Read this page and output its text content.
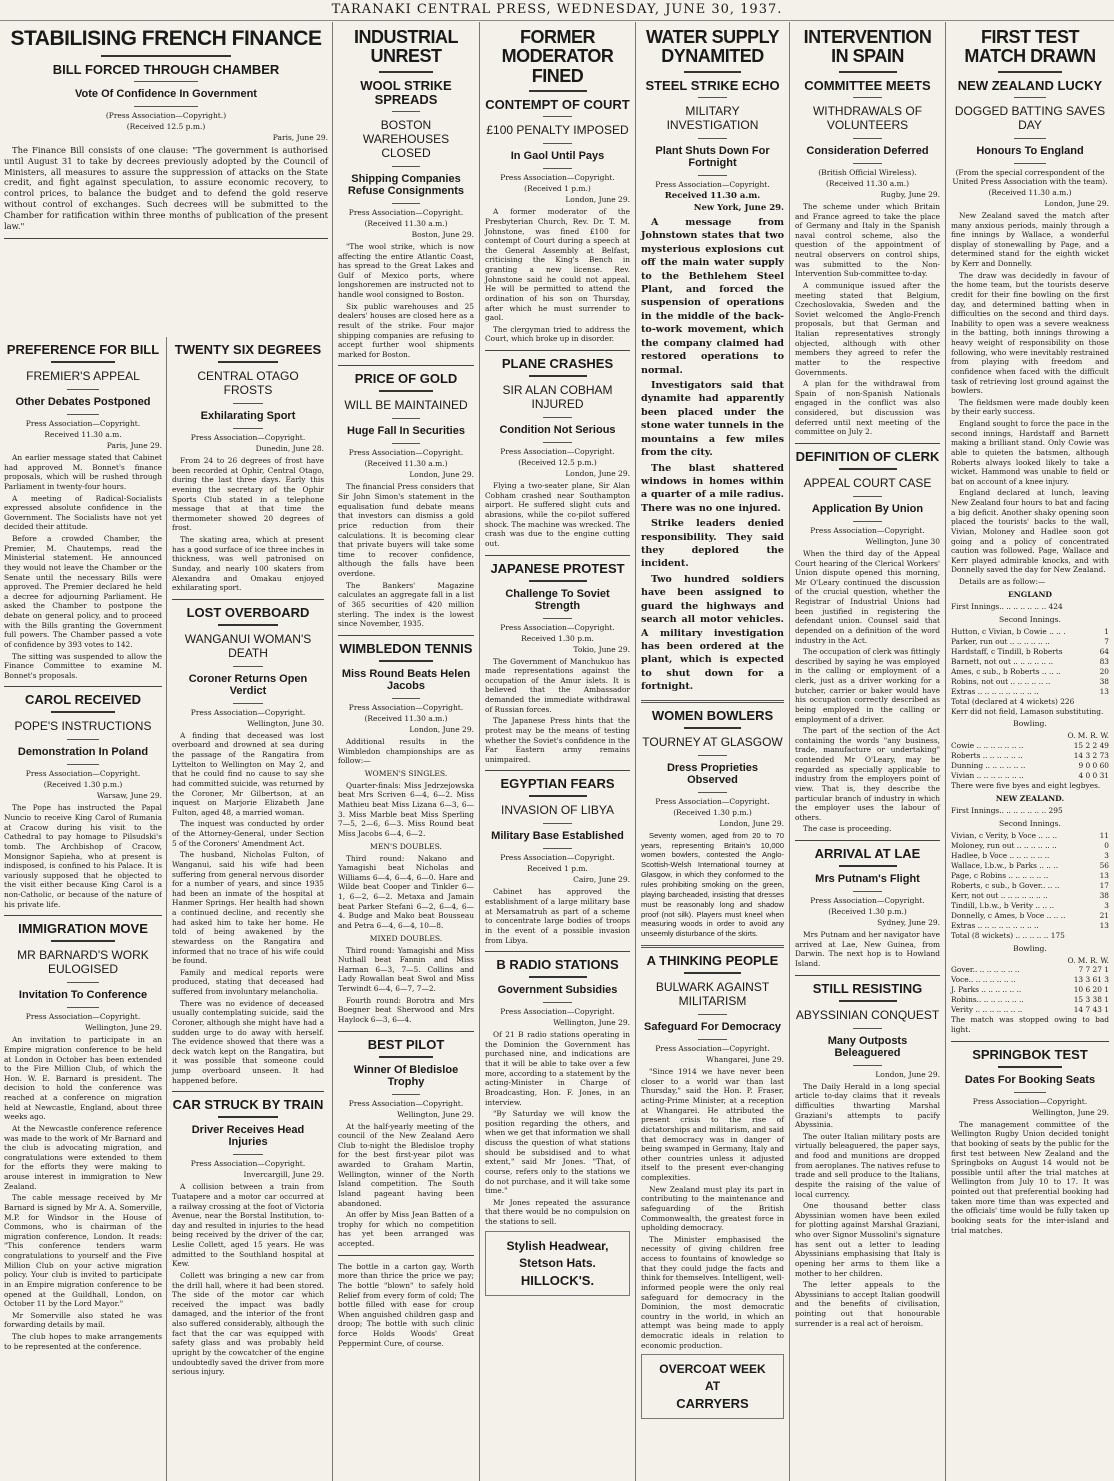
TARANAKI CENTRAL PRESS, WEDNESDAY, JUNE 30, 1937.
STABILISING FRENCH FINANCE
BILL FORCED THROUGH CHAMBER
Vote Of Confidence In Government
(Press Association—Copyright.)
(Received 12.5 p.m.)
Paris, June 29.
The Finance Bill consists of one clause: "The government is authorised until August 31 to take by decrees previously adopted by the Council of Ministers, all measures to assure the suppression of attacks on the State credit, and fight against speculation, to assure economic recovery, to control prices, to balance the budget and to defend the gold reserve without control of exchanges. Such decrees will be submitted to the Chamber for ratification within three months of publication of the present law."
PREFERENCE FOR BILL
FREMIER'S APPEAL
Other Debates Postponed
Press Association—Copyright.
Received 11.30 a.m.
Paris, June 29.
An earlier message stated that Cabinet had approved M. Bonnet's finance proposals, which will be rushed through Parliament in twenty-four hours.
A meeting of Radical-Socialists expressed absolute confidence in the Government. The Socialists have not yet decided their attitude.
Before a crowded Chamber, the Premier, M. Chautemps, read the Ministerial statement. He announced they would not leave the Chamber or the Senate until the necessary Bills were approved. The Premier declared he held a decree for adjourning Parliament. He asked the Chamber to postpone the debate on general policy, and to proceed with the Bills granting the Government full powers. The Chamber passed a vote of confidence by 393 votes to 142.
The sitting was suspended to allow the Finance Committee to examine M. Bonnet's proposals.
CAROL RECEIVED
POPE'S INSTRUCTIONS
Demonstration In Poland
Press Association—Copyright.
(Received 1.30 p.m.)
Warsaw, June 29.
The Pope has instructed the Papal Nuncio to receive King Carol of Rumania at Cracow during his visit to the Cathedral to pay homage to Pilsudski's tomb. The Archbishop of Cracow, Monsignor Sapieha, who at present is indisposed, is confined to his Palace. It is variously supposed that he objected to the visit either because King Carol is a non-Catholic, or because of the nature of his private life.
IMMIGRATION MOVE
MR BARNARD'S WORK EULOGISED
Invitation To Conference
Press Association—Copyright.
Wellington, June 29.
An invitation to participate in an Empire migration conference to be held at London in October has been extended to the Fire Million Club, of which the Hon. W. E. Barnard is president. The decision to hold the conference was reached at a conference on migration held at Newcastle, England, about three weeks ago.
At the Newcastle conference reference was made to the work of Mr Barnard and the club is advocating migration, and congratulations were extended to them for the efforts they were making to arouse interest in immigration to New Zealand.
The cable message received by Mr Barnard is signed by Mr A. A. Somerville, M.P. for Windsor in the House of Commons, who is chairman of the migration conference, London. It reads: "This conference tenders warm congratulations to yourself and the Five Million Club on your active migration policy. Your club is invited to participate in an Empire migration conference to be opened at the Guildhall, London, on October 11 by the Lord Mayor."
Mr Somerville also stated he was forwarding details by mail.
The club hopes to make arrangements to be represented at the conference.
TWENTY SIX DEGREES
CENTRAL OTAGO FROSTS
Exhilarating Sport
Press Association—Copyright.
Dunedin, June 28.
From 24 to 26 degrees of frost have been recorded at Ophir, Central Otago, during the last three days. Early this evening the secretary of the Ophir Sports Club stated in a telephone message that at that time the thermometer showed 20 degrees of frost.
The skating area, which at present has a good surface of ice three inches in thickness, was well patronised on Sunday, and nearly 100 skaters from Alexandra and Omakau enjoyed exhilarating sport.
LOST OVERBOARD
WANGANUI WOMAN'S DEATH
Coroner Returns Open Verdict
Press Association—Copyright.
Wellington, June 30.
A finding that deceased was lost overboard and drowned at sea during the passage of the Rangatira from Lyttelton to Wellington on May 2, and that he could find no cause to say she had committed suicide, was returned by the Coroner, Mr Gilbertson, at an inquest on Marjorie Elizabeth Jane Fulton, aged 48, a married woman.
The inquest was conducted by order of the Attorney-General, under Section 5 of the Coroners' Amendment Act.
The husband, Nicholas Fulton, of Wanganui, said his wife had been suffering from general nervous disorder for a number of years, and since 1935 had been an inmate of the hospital at Hanmer Springs. Her health had shown a continued decline, and recently she had asked him to take her home. He told of being awakened by the stewardess on the Rangatira and informed that no trace of his wife could be found.
Family and medical reports were produced, stating that deceased had suffered from involuntary melancholia.
There was no evidence of deceased usually contemplating suicide, said the Coroner, although she might have had a sudden urge to do away with herself. The evidence showed that there was a deck watch kept on the Rangatira, but it was possible that someone could jump overboard unseen. It had happened before.
CAR STRUCK BY TRAIN
Driver Receives Head Injuries
Press Association—Copyright.
Invercargill, June 29.
A collision between a train from Tuatapere and a motor car occurred at a railway crossing at the foot of Victoria Avenue, near the Borstal Institution, to-day and resulted in injuries to the head being received by the driver of the car, Leslie Collett, aged 15 years. He was admitted to the Southland hospital at Kew.
Collett was bringing a new car from the drill hall, where it had been stored. The side of the motor car which received the impact was badly damaged, and the interior of the front also suffered considerably, although the fact that the car was equipped with safety glass and was probably held upright by the cowcatcher of the engine undoubtedly saved the driver from more serious injury.
INDUSTRIAL UNREST
WOOL STRIKE SPREADS
BOSTON WAREHOUSES CLOSED
Shipping Companies Refuse Consignments
Press Association—Copyright.
(Received 11.30 a.m.)
Boston, June 29.
"The wool strike, which is now affecting the entire Atlantic Coast, has spread to the Great Lakes and Gulf of Mexico ports, where longshoremen are instructed not to handle wool consigned to Boston.
Six public warehouses and 25 dealers' houses are closed here as a result of the strike. Four major shipping companies are refusing to accept further wool shipments marked for Boston.
PRICE OF GOLD
WILL BE MAINTAINED
Huge Fall In Securities
Press Association—Copyright.
(Received 11.30 a.m.)
London, June 29.
The financial Press considers that Sir John Simon's statement in the equalisation fund debate means that investors can dismiss a gold price reduction from their calculations. It is becoming clear that private buyers will take some time to recover confidence, although the falls have been overdone.
The Bankers' Magazine calculates an aggregate fall in a list of 365 securities of 420 million sterling. The index is the lowest since November, 1935.
WIMBLEDON TENNIS
Miss Round Beats Helen Jacobs
Press Association—Copyright.
(Received 11.30 a.m.)
London, June 29.
Additional results in the Wimbledon championships are as follow:—
WOMEN'S SINGLES.
Quarter-finals: Miss Jedrzejowska beat Mrs Scriven 6—4, 6—2. Miss Mathieu beat Miss Lizana 6—3, 6—3. Miss Marble beat Miss Sperling 7—5, 2—6, 6—3. Miss Round beat Miss Jacobs 6—4, 6—2.
MEN'S DOUBLES.
Third round: Nakano and Yamagishi beat Nicholas and Williams 6—4, 6—4, 6—0. Hare and Wilde beat Cooper and Tinkler 6—1, 6—2, 6—2. Metaxa and Jamain beat Parker Stefani 6—2, 6—4, 6—4. Budge and Mako beat Bousseau and Petra 6—4, 6—4, 10—8.
MIXED DOUBLES.
Third round: Yamagishi and Miss Nuthall beat Fannin and Miss Harman 6—3, 7—5. Collins and Lady Rowallan beat Swol and Miss Terwindt 6—4, 6—7, 7—2.
Fourth round: Borotra and Mrs Boegner beat Sherwood and Mrs Haylock 6—3, 6—4.
BEST PILOT
Winner Of Bledisloe Trophy
Press Association—Copyright.
Wellington, June 29.
At the half-yearly meeting of the council of the New Zealand Aero Club to-night the Bledisloe trophy for the best first-year pilot was awarded to Graham Martin, Wellington, winner of the North Island competition. The South Island pageant having been abandoned.
An offer by Miss Jean Batten of a trophy for which no competition has yet been arranged was accepted.
The bottle in a carton gay, Worth more than thrice the price we pay; The bottle "blown" to safely hold Relief from every form of cold; The bottle filled with ease for croup When anguished children gasp and droop; The bottle with such clinic force Holds Woods' Great Peppermint Cure, of course.
FORMER MODERATOR FINED
CONTEMPT OF COURT
£100 PENALTY IMPOSED
In Gaol Until Pays
Press Association—Copyright.
(Received 1 p.m.)
London, June 29.
A former moderator of the Presbyterian Church, Rev. Dr. T. M. Johnstone, was fined £100 for contempt of Court during a speech at the General Assembly at Belfast, criticising the King's Bench in granting a new license. Rev. Johnstone said he could not appeal. He will be permitted to attend the ordination of his son on Thursday, after which he must surrender to gaol.
The clergyman tried to address the Court, which broke up in disorder.
PLANE CRASHES
SIR ALAN COBHAM INJURED
Condition Not Serious
Press Association—Copyright.
(Received 12.5 p.m.)
London, June 29.
Flying a two-seater plane, Sir Alan Cobham crashed near Southampton airport. He suffered slight cuts and abrasions, while the co-pilot suffered shock. The machine was wrecked. The crash was due to the engine cutting out.
JAPANESE PROTEST
Challenge To Soviet Strength
Press Association—Copyright.
Received 1.30 p.m.
Tokio, June 29.
The Government of Manchukuo has made representations against the occupation of the Amur islets. It is believed that the Ambassador demanded the immediate withdrawal of Russian forces.
The Japanese Press hints that the protest may be the means of testing whether the Soviet's confidence in the Far Eastern army remains unimpaired.
EGYPTIAN FEARS
INVASION OF LIBYA
Military Base Established
Press Association—Copyright.
Received 1 p.m.
Cairo, June 29.
Cabinet has approved the establishment of a large military base at Mersamatruh as part of a scheme to concentrate large bodies of troops in the event of a possible invasion from Libya.
B RADIO STATIONS
Government Subsidies
Press Association—Copyright.
Wellington, June 29.
Of 21 B radio stations operating in the Dominion the Government has purchased nine, and indications are that it will be able to take over a few more, according to a statement by the acting-Minister in Charge of Broadcasting, Hon. F. Jones, in an interview.
"By Saturday we will know the position regarding the others, and when we get that information we shall discuss the question of what stations should be subsidised and to what extent," said Mr Jones. "That, of course, refers only to the stations we do not purchase, and it will take some time."
Mr Jones repeated the assurance that there would be no compulsion on the stations to sell.
Stylish Headwear,
Stetson Hats.
HILLOCK'S.
WATER SUPPLY DYNAMITED
STEEL STRIKE ECHO
MILITARY INVESTIGATION
Plant Shuts Down For Fortnight
Press Association—Copyright.
Received 11.30 a.m.
New York, June 29.
A message from Johnstown states that two mysterious explosions cut off the main water supply to the Bethlehem Steel Plant, and forced the suspension of operations in the middle of the back-to-work movement, which the company claimed had restored operations to normal.
Investigators said that dynamite had apparently been placed under the stone water tunnels in the mountains a few miles from the city.
The blast shattered windows in homes within a quarter of a mile radius. There was no one injured.
Strike leaders denied responsibility. They said they deplored the incident.
Two hundred soldiers have been assigned to guard the highways and search all motor vehicles. A military investigation has been ordered at the plant, which is expected to shut down for a fortnight.
WOMEN BOWLERS
TOURNEY AT GLASGOW
Dress Proprieties Observed
Press Association—Copyright.
(Received 1.30 p.m.)
London, June 29.
Seventy women, aged from 20 to 70 years, representing Britain's 10,000 women bowlers, contested the Anglo-Scottish-Welsh International tourney at Glasgow, in which they conformed to the rules prohibiting smoking on the green, playing barcheaded, insisting that dresses must be reasonably long and shadow proof (not silk). Players must kneel when measuring woods in order to avoid any unseemly disturbance of the skirts.
A THINKING PEOPLE
BULWARK AGAINST MILITARISM
Safeguard For Democracy
Press Association—Copyright.
Whangarei, June 29.
"Since 1914 we have never been closer to a world war than last Thursday," said the Hon. P. Fraser, acting-Prime Minister, at a reception at Whangarei. He attributed the present crisis to the rise of dictatorships and militarism, and said that democracy was in danger of being swamped in Germany, Italy and other countries unless it adjusted itself to the present ever-changing complexities.
New Zealand must play its part in contributing to the maintenance and safeguarding of the British Commonwealth, the greatest force in upholding democracy.
The Minister emphasised the necessity of giving children free access to fountains of knowledge so that they could judge the facts and think for themselves. Intelligent, well-informed people were the only real safeguard for democracy in the Dominion, the most democratic country in the world, in which an attempt was being made to apply democratic ideals in relation to economic production.
OVERCOAT WEEK
AT
CARRYERS
INTERVENTION IN SPAIN
COMMITTEE MEETS
WITHDRAWALS OF VOLUNTEERS
Consideration Deferred
(British Official Wireless).
(Received 11.30 a.m.)
Rugby, June 29.
The scheme under which Britain and France agreed to take the place of Germany and Italy in the Spanish naval control scheme, also the question of the appointment of neutral observers on control ships, was submitted to the Non-Intervention Sub-committee to-day.
A communique issued after the meeting stated that Belgium, Czechoslovakia, Sweden and the Soviet welcomed the Anglo-French proposals, but that German and Italian representatives strongly objected, although with other members they agreed to refer the matter to the respective Governments.
A plan for the withdrawal from Spain of non-Spanish Nationals engaged in the conflict was also considered, but discussion was deferred until next meeting of the committee on July 2.
DEFINITION OF CLERK
APPEAL COURT CASE
Application By Union
Press Association—Copyright.
Wellington, June 30
When the third day of the Appeal Court hearing of the Clerical Workers' Union dispute opened this morning, Mr O'Leary continued the discussion of the crucial question, whether the Registrar of Industrial Unions had been justified in registering the defendant union. Counsel said that depended on a definition of the word industry in the Act.
The occupation of clerk was fittingly described by saying he was employed in the calling or employment of a clerk, just as a driver working for a butcher, carrier or baker would have his occupation correctly described as being employed in the calling or employment of a driver.
The part of the section of the Act containing the words "any business, trade, manufacture or undertaking" contended Mr O'Leary, may be regarded as specially applicable to industry from the employers point of view. That is, they describe the particular branch of industry in which the employer uses the labour of others.
The case is proceeding.
ARRIVAL AT LAE
Mrs Putnam's Flight
Press Association—Copyright.
(Received 1.30 p.m.)
Sydney, June 29.
Mrs Putnam and her navigator have arrived at Lae, New Guinea, from Darwin. The next hop is to Howland Island.
STILL RESISTING
ABYSSINIAN CONQUEST
Many Outposts Beleaguered
London, June 29.
The Daily Herald in a long special article to-day claims that it reveals difficulties thwarting Marshal Graziani's attempts to pacify Abyssinia.
The outer Italian military posts are virtually beleaguered, the paper says, and food and munitions are dropped from aeroplanes. The natives refuse to trade and sell produce to the Italians, despite the raising of the value of local currency.
One thousand better class Abyssinian women have been exiled for plotting against Marshal Graziani, who over Signor Mussolini's signature has sent out a letter to leading Abyssinians emphasising that Italy is opening her arms to them like a mother to her children.
The letter appeals to the Abyssinians to accept Italian goodwill and the benefits of civilisation, pointing out that honourable surrender is a real act of heroism.
FIRST TEST MATCH DRAWN
NEW ZEALAND LUCKY
DOGGED BATTING SAVES DAY
Honours To England
(From the special correspondent of the United Press Association with the team).
(Received 11.30 a.m.)
London, June 29.
New Zealand saved the match after many anxious periods, mainly through a fine innings by Wallace, a wonderful display of stonewalling by Page, and a determined stand for the eighth wicket by Kerr and Donnelly.
The draw was decidedly in favour of the home team, but the tourists deserve credit for their fine bowling on the first day, and determined batting when in difficulties on the second and third days. Inability to open was a severe weakness in the batting, both innings throwing a heavy weight of responsibility on those following, who were inevitably restrained from playing with freedom and confidence when faced with the difficult task of retrieving lost ground against the bowlers.
The fieldsmen were made doubly keen by their early success.
England sought to force the pace in the second innings, Hardstaff and Barnett making a brilliant stand. Only Cowie was able to quieten the batsmen, although Roberts always looked likely to take a wicket. Hammond was unable to field or bat on account of a knee injury.
England declared at lunch, leaving New Zealand four hours to bat and facing a big deficit. Another shaky opening soon placed the tourists' backs to the wall, Vivian, Moloney and Hadlee soon got going and a policy of concentrated caution was followed. Page, Wallace and Kerr played admirable knocks, and with Donnelly saved the day for New Zealand.
Details are as follow:—
ENGLAND
First Innings.. .. .. .. .. .. .. 424
Second Innings.
Hutton, c Vivian, b Cowie .. .. .	1
Parker, run out .. .. .. .. .. ..	7
Hardstaff, c Tindill, b Roberts	64
Barnett, not out .. .. .. .. .. ..	83
Ames, c sub., b Roberts .. .. ..	20
Robins, not out .. .. .. .. .. ..	38
Extras .. .. .. .. .. .. .. .. ..	13
Total (declared at 4 wickets) 226
Kerr did not field, Lamason substituting.
Bowling.
O. M. R. W.
Cowie .. .. .. .. .. .. ..	15 2 2 49
Roberts .. .. .. .. .. ..	14 3 2 73
Dunning .. .. .. .. .. ..	9 0 0 60
Vivian .. .. .. .. .. .. ..	4 0 0 31
There were five byes and eight legbyes.
NEW ZEALAND.
First Innings.. .. .. .. .. .. .. 295
Second Innings.
Vivian, c Verity, b Voce .. .. ..	11
Moloney, run out .. .. .. .. .. ..	0
Hadlee, b Voce .. .. .. .. .. ..	3
Wallace, l.b.w., b Parks .. .. ..	56
Page, c Robins .. .. .. .. .. ..	13
Roberts, c sub., b Gover.. .. ..	17
Kerr, not out .. .. .. .. .. .. ..	38
Tindill, l.b.w., b Verity .. .. ..	3
Donnelly, c Ames, b Voce .. .. ..	21
Extras .. .. .. .. .. .. .. .. ..	13
Total (8 wickets) .. .. .. .. .. 175
Bowling.
O. M. R. W.
Gover.. .. .. .. .. .. ..	7 7 27 1
Voce.. .. .. .. .. .. ..	13 3 61 3
J. Parks .. .. .. .. .. ..	10 6 20 1
Robins.. .. .. .. .. .. ..	15 3 38 1
Verity .. .. .. .. .. .. ..	14 7 43 1
The match was stopped owing to bad light.
SPRINGBOK TEST
Dates For Booking Seats
Press Association—Copyright.
Wellington, June 29.
The management committee of the Wellington Rugby Union decided tonight that booking of seats by the public for the first test between New Zealand and the Springboks on August 14 would not be possible until after the trial matches at Wellington from July 10 to 17. It was pointed out that preferential booking had taken more time than was expected and the officials' time would be fully taken up booking seats for the inter-island and trial matches.
